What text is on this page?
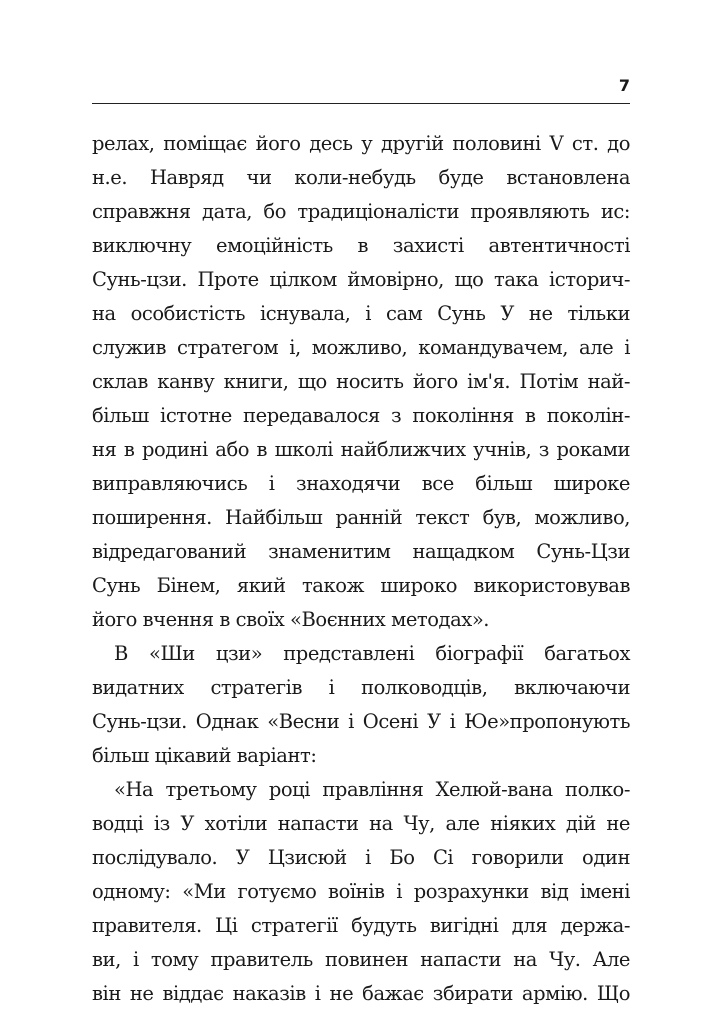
7
релах, поміщає його десь у другій половині V ст. до
н.е. Навряд чи коли-небудь буде встановлена
справжня дата, бо традиціоналісти проявляють ис:
виключну емоційність в захисті автентичності
Сунь-цзи. Проте цілком ймовірно, що така історич-
на особистість існувала, і сам Сунь У не тільки
служив стратегом і, можливо, командувачем, але і
склав канву книги, що носить його ім'я. Потім най-
більш істотне передавалося з покоління в поколін-
ня в родині або в школі найближчих учнів, з роками
виправляючись і знаходячи все більш широке
поширення. Найбільш ранній текст був, можливо,
відредагований знаменитим нащадком Сунь-Цзи
Сунь Бінем, який також широко використовував
його вчення в своїх «Воєнних методах».
В «Ши цзи» представлені біографії багатьох
видатних стратегів і полководців, включаючи
Сунь-цзи. Однак «Весни і Осені У і Юе»пропонують
більш цікавий варіант:
«На третьому році правління Хелюй-вана полко-
водці із У хотіли напасти на Чу, але ніяких дій не
послідувало. У Цзисюй і Бо Сі говорили один
одному: «Ми готуємо воїнів і розрахунки від імені
правителя. Ці стратегії будуть вигідні для держа-
ви, і тому правитель повинен напасти на Чу. Але
він не віддає наказів і не бажає збирати армію. Що
